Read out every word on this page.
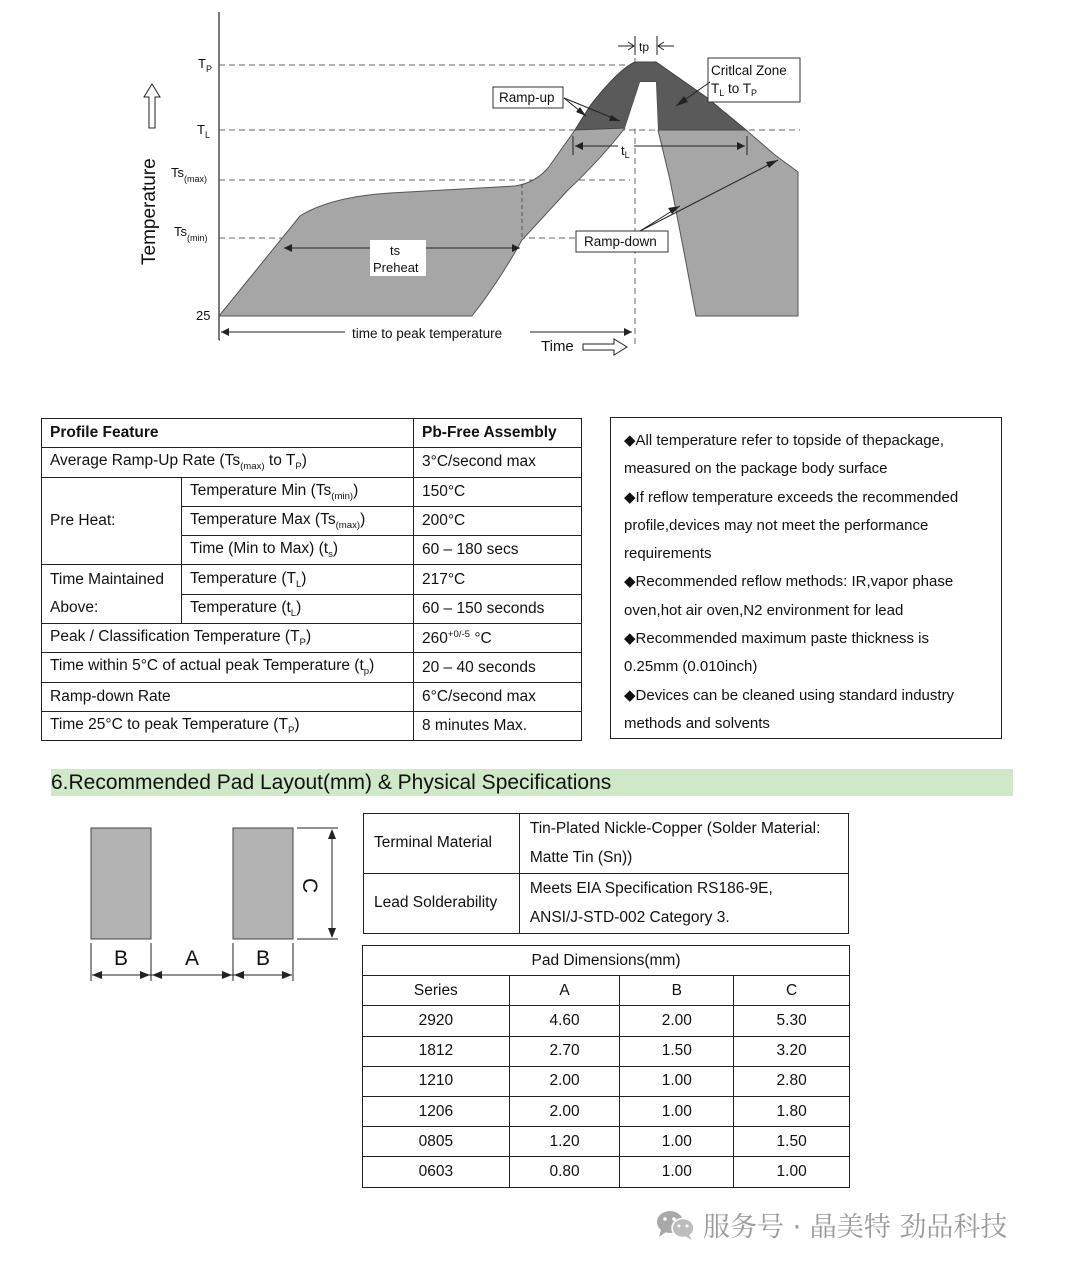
$T_P$
$T_L$
$Ts_{(max)}$
$Ts_{(min)}$
25
Temperature
tp
Critlcal Zone
$T_L$ to $T_P$
Ramp-up
$t_L$
ts
Preheat
Ramp-down
time to peak temperature
Time
Profile Feature		Pb-Free Assembly
Average Ramp-Up Rate ($Ts_{(max)}$ to $T_P$)		3°C/second max
Pre Heat:	Temperature Min $(Ts_{(min)})$	150°C
	Temperature Max $(Ts_{(max)})$	200°C
	Time (Min to Max) $(t_s)$	60 – 180 secs
Time Maintained
Above:	Temperature $(T_L)$	217°C
	Temperature $(t_L)$	60 – 150 seconds
Peak / Classification Temperature $(T_P)$		$260^{+0/-5}$ °C
Time within 5°C of actual peak Temperature $(t_p)$		20 – 40 seconds
Ramp-down Rate		6°C/second max
Time 25°C to peak Temperature $(T_P)$		8 minutes Max.

◆All temperature refer to topside of thepackage,

measured on the package body surface

◆If reflow temperature exceeds the recommended

profile,devices may not meet the performance

requirements

◆Recommended reflow methods: IR,vapor phase

oven,hot air oven,N2 environment for lead

◆Recommended maximum paste thickness is

0.25mm (0.010inch)

◆Devices can be cleaned using standard industry

methods and solvents

6.Recommended Pad Layout(mm) & Physical Specifications
C
B	A	B
Terminal Material	Tin-Plated Nickle-Copper (Solder Material:
Matte Tin (Sn))
Lead Solderability	Meets EIA Specification RS186-9E,
ANSI/J-STD-002 Category 3.
Pad Dimensions(mm)			
Series	A	B	C
2920	4.60	2.00	5.30
1812	2.70	1.50	3.20
1210	2.00	1.00	2.80
1206	2.00	1.00	1.80
0805	1.20	1.00	1.50
0603	0.80	1.00	1.00
服务号 · 晶美特 劲品科技
